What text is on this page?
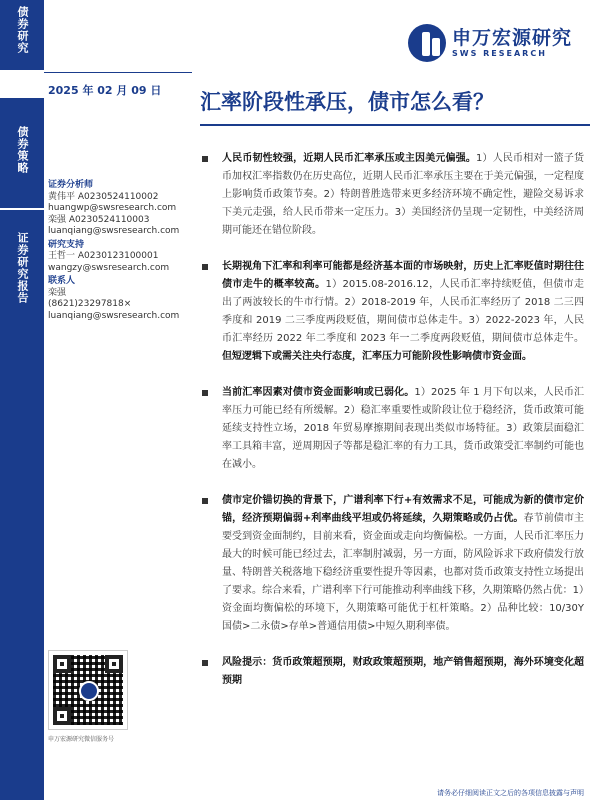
债券研究
债券策略
证券研究报告
申万宏源研究
SWS RESEARCH
2025 年 02 月 09 日 汇率阶段性承压，债市怎么看？
证券分析师
黄伟平 A0230524110002
huangwp@swsresearch.com
栾强 A0230524110003
luanqiang@swsresearch.com
研究支持
王哲一 A0230123100001
wangzy@swsresearch.com
联系人
栾强
(8621)23297818×
luanqiang@swsresearch.com
人民币韧性较强，近期人民币汇率承压或主因美元偏强。1）人民币相对一篮子货币加权汇率指数仍在历史高位，近期人民币汇率承压主要在于美元偏强，一定程度上影响货币政策节奏。2）特朗普胜选带来更多经济环境不确定性，避险交易诉求下美元走强，给人民币带来一定压力。3）美国经济仍呈现一定韧性，中美经济周期可能还在错位阶段。
长期视角下汇率和利率可能都是经济基本面的市场映射，历史上汇率贬值时期往往债市走牛的概率较高。1）2015.08-2016.12，人民币汇率持续贬值，但债市走出了两波较长的牛市行情。2）2018-2019 年，人民币汇率经历了 2018 二三四季度和 2019 二三季度两段贬值，期间债市总体走牛。3）2022-2023 年，人民币汇率经历 2022 年二季度和 2023 年一二季度两段贬值，期间债市总体走牛。但短逻辑下或需关注央行态度，汇率压力可能阶段性影响债市资金面。
当前汇率因素对债市资金面影响或已弱化。1）2025 年 1 月下旬以来，人民币汇率压力可能已经有所缓解。2）稳汇率重要性或阶段让位于稳经济，货币政策可能延续支持性立场，2018 年贸易摩擦期间表现出类似市场特征。3）政策层面稳汇率工具箱丰富，逆周期因子等都是稳汇率的有力工具，货币政策受汇率制约可能也在减小。
债市定价锚切换的背景下，广谱利率下行+有效需求不足，可能成为新的债市定价锚，经济预期偏弱+利率曲线平坦或仍将延续，久期策略或仍占优。春节前债市主要受到资金面制约，目前来看，资金面或走向均衡偏松。一方面，人民币汇率压力最大的时候可能已经过去，汇率制肘减弱，另一方面，防风险诉求下政府债发行放量、特朗普关税落地下稳经济重要性提升等因素，也都对货币政策支持性立场提出了要求。综合来看，广谱利率下行可能推动利率曲线下移，久期策略仍然占优：1）资金面均衡偏松的环境下，久期策略可能优于杠杆策略。2）品种比较：10/30Y 国债>二永债>存单>普通信用债>中短久期利率债。
风险提示：货币政策超预期，财政政策超预期，地产销售超预期，海外环境变化超预期
申万宏源研究微信服务号
请务必仔细阅读正文之后的各项信息披露与声明
